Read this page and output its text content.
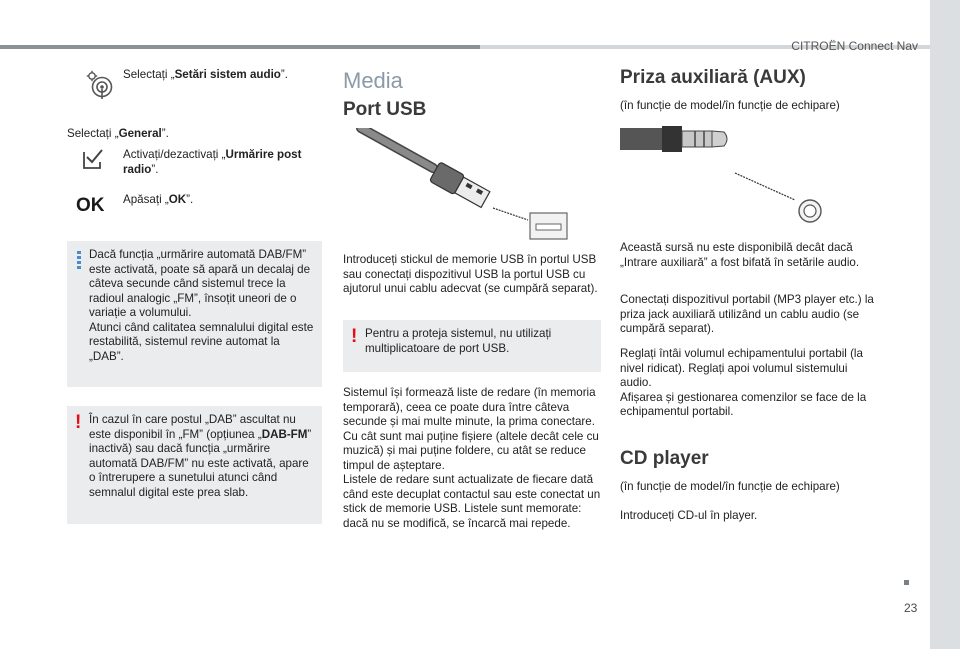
CITROËN Connect Nav
Selectați „Setări sistem audio”.
Selectați „General”.
Activați/dezactivați „Urmărire post radio”.
OK Apăsați „OK”.
Dacă funcția „urmărire automată DAB/FM” este activată, poate să apară un decalaj de câteva secunde când sistemul trece la radioul analogic „FM”, însoțit uneori de o variație a volumului.
Atunci când calitatea semnalului digital este restabilită, sistemul revine automat la „DAB”.
! În cazul în care postul „DAB” ascultat nu este disponibil în „FM” (opțiunea „DAB-FM” inactivă) sau dacă funcția „urmărire automată DAB/FM” nu este activată, apare o întrerupere a sunetului atunci când semnalul digital este prea slab.
Media
Port USB
Introduceți stickul de memorie USB în portul USB sau conectați dispozitivul USB la portul USB cu ajutorul unui cablu adecvat (se cumpără separat).
! Pentru a proteja sistemul, nu utilizați multiplicatoare de port USB.
Sistemul își formează liste de redare (în memoria temporară), ceea ce poate dura între câteva secunde și mai multe minute, la prima conectare.
Cu cât sunt mai puține fișiere (altele decât cele cu muzică) și mai puține foldere, cu atât se reduce timpul de așteptare.
Listele de redare sunt actualizate de fiecare dată când este decuplat contactul sau este conectat un stick de memorie USB. Listele sunt memorate: dacă nu se modifică, se încarcă mai repede.
Priza auxiliară (AUX)
(în funcție de model/în funcție de echipare)
Această sursă nu este disponibilă decât dacă „Intrare auxiliară” a fost bifată în setările audio.
Conectați dispozitivul portabil (MP3 player etc.) la priza jack auxiliară utilizând un cablu audio (se cumpără separat).
Reglați întâi volumul echipamentului portabil (la nivel ridicat). Reglați apoi volumul sistemului audio.
Afișarea și gestionarea comenzilor se face de la echipamentul portabil.
CD player
(în funcție de model/în funcție de echipare)
Introduceți CD-ul în player.
23
